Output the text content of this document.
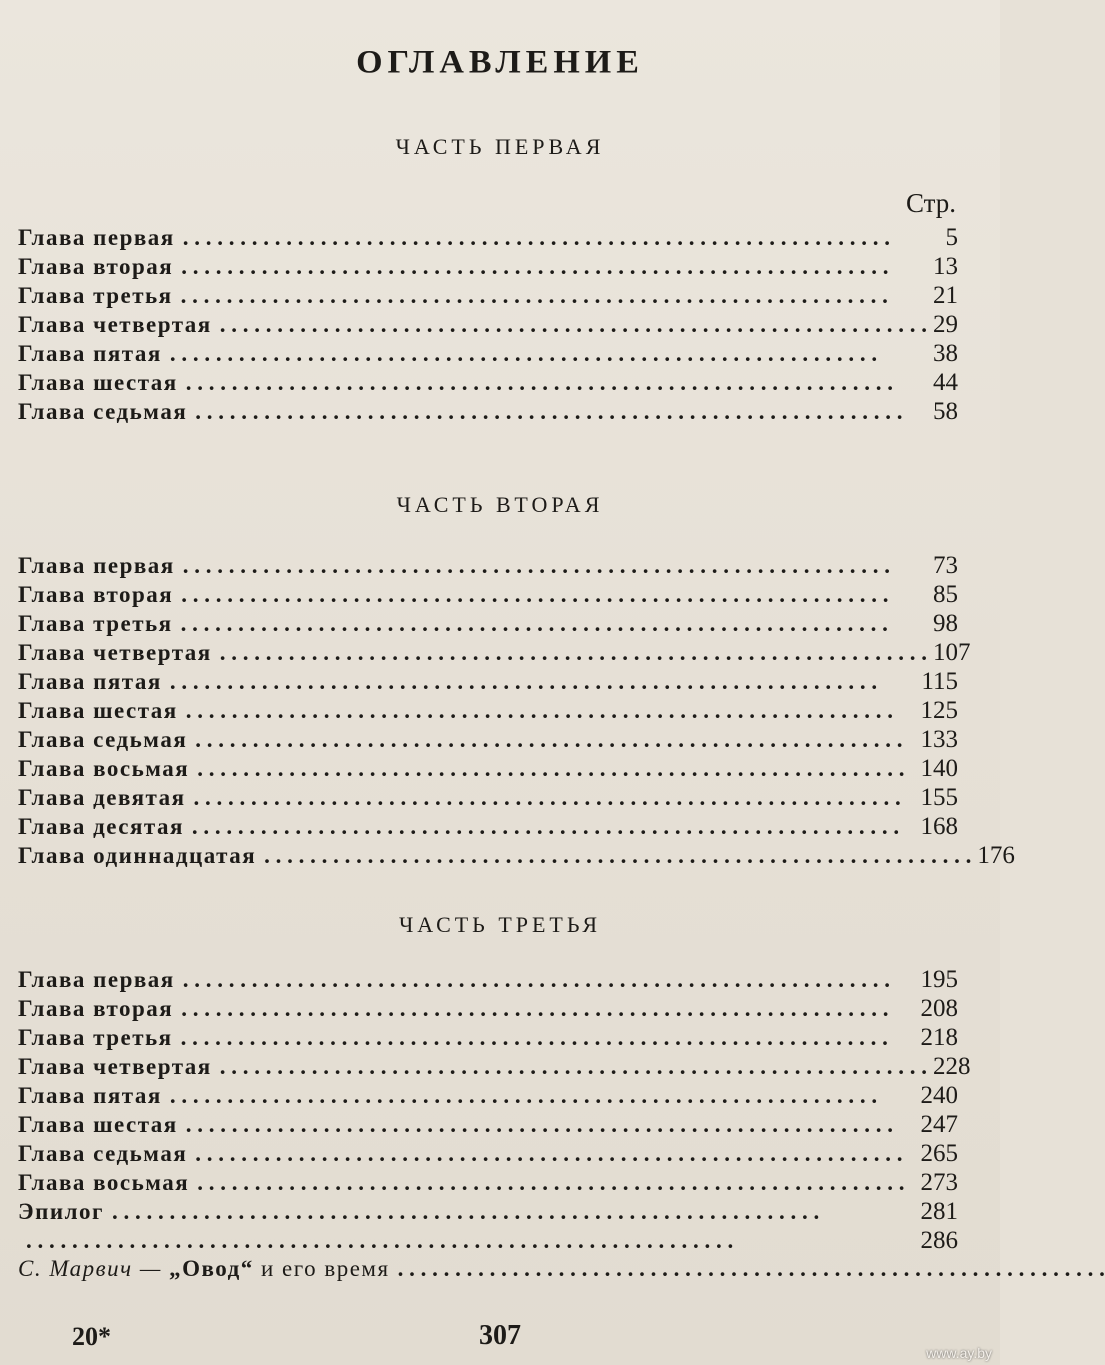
ОГЛАВЛЕНИЕ
ЧАСТЬ ПЕРВАЯ
Стр.
Глава первая . . . . . . . . . . . . . . . . . . . . . . . . . . . . . . . . . . . . . . . . . . . . . . . . . . . . . . . . . . . . . .	5
Глава вторая . . . . . . . . . . . . . . . . . . . . . . . . . . . . . . . . . . . . . . . . . . . . . . . . . . . . . . . . . . . . . .	13
Глава третья . . . . . . . . . . . . . . . . . . . . . . . . . . . . . . . . . . . . . . . . . . . . . . . . . . . . . . . . . . . . . .	21
Глава четвертая . . . . . . . . . . . . . . . . . . . . . . . . . . . . . . . . . . . . . . . . . . . . . . . . . . . . . . . . . . . . . . 29
Глава пятая . . . . . . . . . . . . . . . . . . . . . . . . . . . . . . . . . . . . . . . . . . . . . . . . . . . . . . . . . . . . . .	38
Глава шестая . . . . . . . . . . . . . . . . . . . . . . . . . . . . . . . . . . . . . . . . . . . . . . . . . . . . . . . . . . . . . .	44
Глава седьмая . . . . . . . . . . . . . . . . . . . . . . . . . . . . . . . . . . . . . . . . . . . . . . . . . . . . . . . . . . . . . .	58
ЧАСТЬ ВТОРАЯ
Глава первая . . . . . . . . . . . . . . . . . . . . . . . . . . . . . . . . . . . . . . . . . . . . . . . . . . . . . . . . . . . . . .	73
Глава вторая . . . . . . . . . . . . . . . . . . . . . . . . . . . . . . . . . . . . . . . . . . . . . . . . . . . . . . . . . . . . . .	85
Глава третья . . . . . . . . . . . . . . . . . . . . . . . . . . . . . . . . . . . . . . . . . . . . . . . . . . . . . . . . . . . . . .	98
Глава четвертая . . . . . . . . . . . . . . . . . . . . . . . . . . . . . . . . . . . . . . . . . . . . . . . . . . . . . . . . . . . . . . 107
Глава пятая . . . . . . . . . . . . . . . . . . . . . . . . . . . . . . . . . . . . . . . . . . . . . . . . . . . . . . . . . . . . . .	115
Глава шестая . . . . . . . . . . . . . . . . . . . . . . . . . . . . . . . . . . . . . . . . . . . . . . . . . . . . . . . . . . . . . .	125
Глава седьмая . . . . . . . . . . . . . . . . . . . . . . . . . . . . . . . . . . . . . . . . . . . . . . . . . . . . . . . . . . . . . . 133
Глава восьмая . . . . . . . . . . . . . . . . . . . . . . . . . . . . . . . . . . . . . . . . . . . . . . . . . . . . . . . . . . . . . . 140
Глава девятая . . . . . . . . . . . . . . . . . . . . . . . . . . . . . . . . . . . . . . . . . . . . . . . . . . . . . . . . . . . . . . 155
Глава десятая . . . . . . . . . . . . . . . . . . . . . . . . . . . . . . . . . . . . . . . . . . . . . . . . . . . . . . . . . . . . . . 168
Глава одиннадцатая . . . . . . . . . . . . . . . . . . . . . . . . . . . . . . . . . . . . . . . . . . . . . . . . . . . . . . . . . . . . . . 176
ЧАСТЬ ТРЕТЬЯ
Глава первая . . . . . . . . . . . . . . . . . . . . . . . . . . . . . . . . . . . . . . . . . . . . . . . . . . . . . . . . . . . . . .	195
Глава вторая . . . . . . . . . . . . . . . . . . . . . . . . . . . . . . . . . . . . . . . . . . . . . . . . . . . . . . . . . . . . . .	208
Глава третья . . . . . . . . . . . . . . . . . . . . . . . . . . . . . . . . . . . . . . . . . . . . . . . . . . . . . . . . . . . . . .	218
Глава четвертая . . . . . . . . . . . . . . . . . . . . . . . . . . . . . . . . . . . . . . . . . . . . . . . . . . . . . . . . . . . . . . 228
Глава пятая . . . . . . . . . . . . . . . . . . . . . . . . . . . . . . . . . . . . . . . . . . . . . . . . . . . . . . . . . . . . . .	240
Глава шестая . . . . . . . . . . . . . . . . . . . . . . . . . . . . . . . . . . . . . . . . . . . . . . . . . . . . . . . . . . . . . .	247
Глава седьмая . . . . . . . . . . . . . . . . . . . . . . . . . . . . . . . . . . . . . . . . . . . . . . . . . . . . . . . . . . . . . . 265
Глава восьмая . . . . . . . . . . . . . . . . . . . . . . . . . . . . . . . . . . . . . . . . . . . . . . . . . . . . . . . . . . . . . . 273
Эпилог . . . . . . . . . . . . . . . . . . . . . . . . . . . . . . . . . . . . . . . . . . . . . . . . . . . . . . . . . . . . . .	281
. . . . . . . . . . . . . . . . . . . . . . . . . . . . . . . . . . . . . . . . . . . . . . . . . . . . . . . . . . . . . .	286
С. Марвич — „Овод“ и его время . . . . . . . . . . . . . . . . . . . . . . . . . . . . . . . . . . . . . . . . . . . . . . . . . . . . . . . . . . . . . .
20*	307
www.ay.by
